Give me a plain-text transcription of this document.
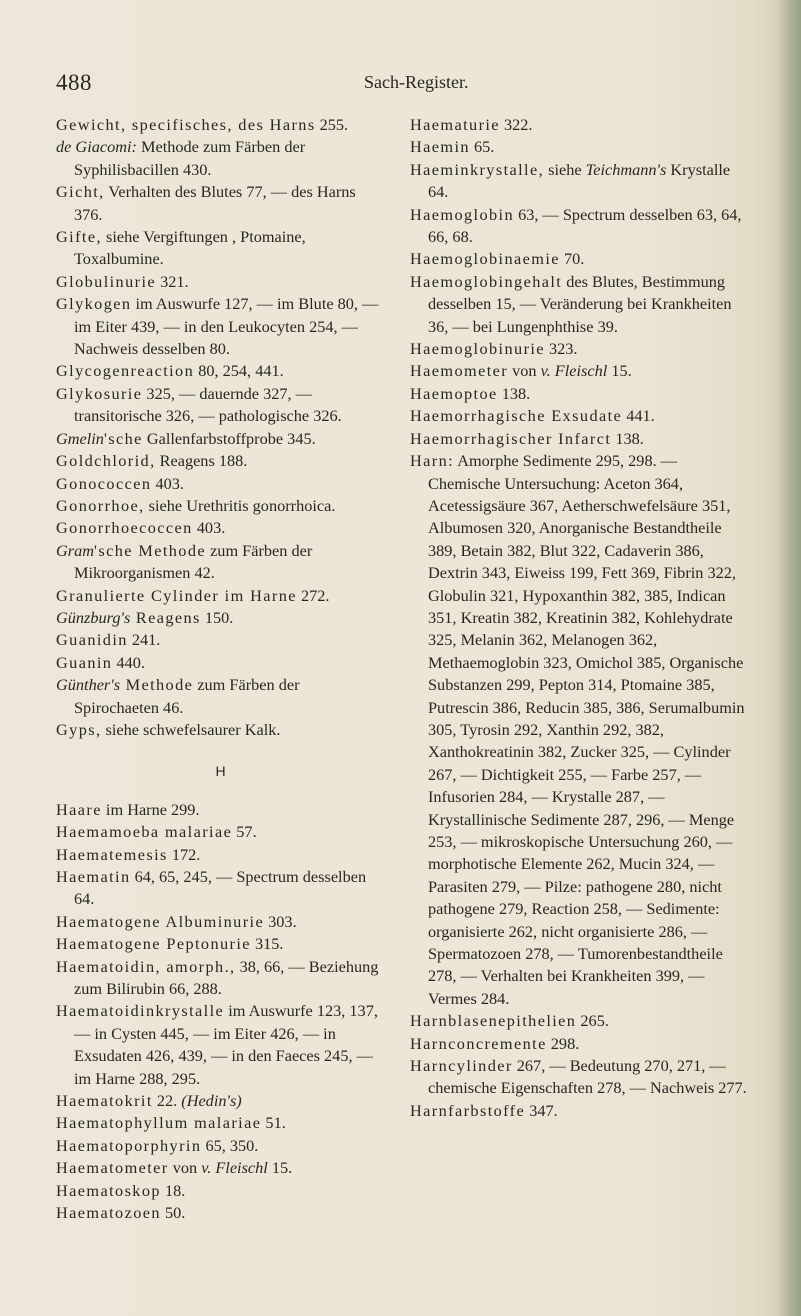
488	Sach-Register.
Gewicht, specifisches, des Harns 255.
de Giacomi: Methode zum Färben der Syphilisbacillen 430.
Gicht, Verhalten des Blutes 77, — des Harns 376.
Gifte, siehe Vergiftungen , Ptomaine, Toxalbumine.
Globulinurie 321.
Glykogen im Auswurfe 127, — im Blute 80, — im Eiter 439, — in den Leukocyten 254, — Nachweis desselben 80.
Glycogenreaction 80, 254, 441.
Glykosurie 325, — dauernde 327, — transitorische 326, — pathologische 326.
Gmelin'sche Gallenfarbstoffprobe 345.
Goldchlorid, Reagens 188.
Gonococcen 403.
Gonorrhoe, siehe Urethritis gonorrhoica.
Gonorrhoecoccen 403.
Gram'sche Methode zum Färben der Mikroorganismen 42.
Granulierte Cylinder im Harne 272.
Günzburg's Reagens 150.
Guanidin 241.
Guanin 440.
Günther's Methode zum Färben der Spirochaeten 46.
Gyps, siehe schwefelsaurer Kalk.
H
Haare im Harne 299.
Haemamoeba malariae 57.
Haematemesis 172.
Haematin 64, 65, 245, — Spectrum desselben 64.
Haematogene Albuminurie 303.
Haematogene Peptonurie 315.
Haematoidin, amorph., 38, 66, — Beziehung zum Bilirubin 66, 288.
Haematoidinkrystalle im Auswurfe 123, 137, — in Cysten 445, — im Eiter 426, — in Exsudaten 426, 439, — in den Faeces 245, — im Harne 288, 295.
Haematokrit 22. (Hedin's)
Haematophyllum malariae 51.
Haematoporphyrin 65, 350.
Haematometer von v. Fleischl 15.
Haematoskop 18.
Haematozoen 50.
Haematurie 322.
Haemin 65.
Haeminkrystalle, siehe Teichmann's Krystalle 64.
Haemoglobin 63, — Spectrum desselben 63, 64, 66, 68.
Haemoglobinaemie 70.
Haemoglobingehalt des Blutes, Bestimmung desselben 15, — Veränderung bei Krankheiten 36, — bei Lungenphthise 39.
Haemoglobinurie 323.
Haemometer von v. Fleischl 15.
Haemoptoe 138.
Haemorrhagische Exsudate 441.
Haemorrhagischer Infarct 138.
Harn: Amorphe Sedimente 295, 298. — Chemische Untersuchung: Aceton 364, Acetessigsäure 367, Aetherschwefelsäure 351, Albumosen 320, Anorganische Bestandtheile 389, Betain 382, Blut 322, Cadaverin 386, Dextrin 343, Eiweiss 199, Fett 369, Fibrin 322, Globulin 321, Hypoxanthin 382, 385, Indican 351, Kreatin 382, Kreatinin 382, Kohlehydrate 325, Melanin 362, Melanogen 362, Methaemoglobin 323, Omichol 385, Organische Substanzen 299, Pepton 314, Ptomaine 385, Putrescin 386, Reducin 385, 386, Serumalbumin 305, Tyrosin 292, Xanthin 292, 382, Xanthokreatinin 382, Zucker 325, — Cylinder 267, — Dichtigkeit 255, — Farbe 257, — Infusorien 284, — Krystalle 287, — Krystallinische Sedimente 287, 296, — Menge 253, — mikroskopische Untersuchung 260, — morphotische Elemente 262, Mucin 324, — Parasiten 279, — Pilze: pathogene 280, nicht pathogene 279, Reaction 258, — Sedimente: organisierte 262, nicht organisierte 286, — Spermatozoen 278, — Tumorenbestandtheile 278, — Verhalten bei Krankheiten 399, — Vermes 284.
Harnblasenepithelien 265.
Harnconcremente 298.
Harncylinder 267, — Bedeutung 270, 271, — chemische Eigenschaften 278, — Nachweis 277.
Harnfarbstoffe 347.
